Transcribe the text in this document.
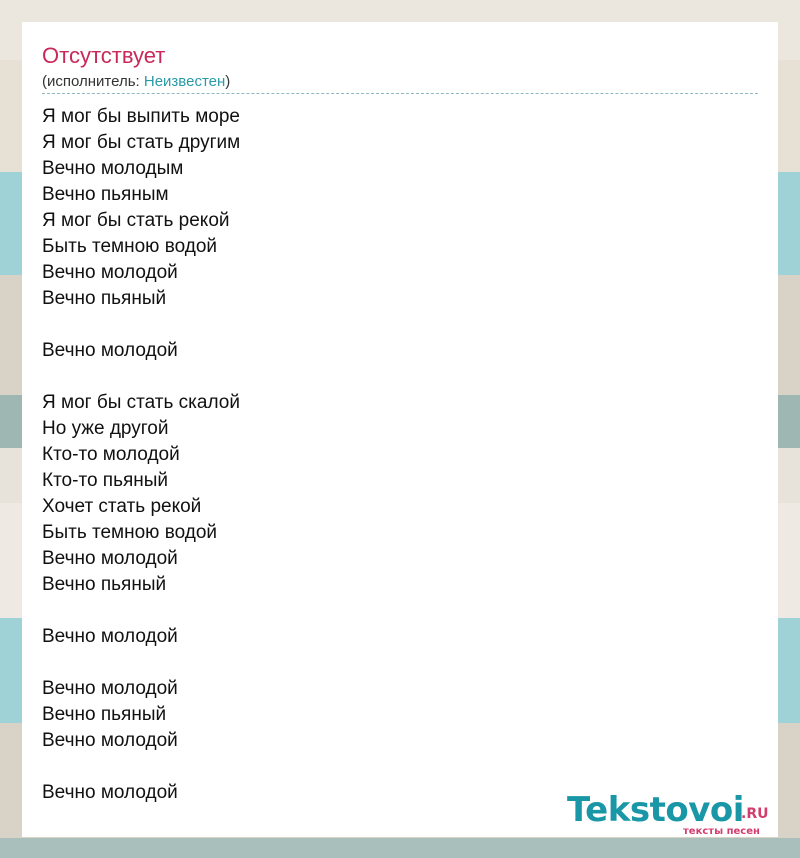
Отсутствует
(исполнитель: Неизвестен)
Я мог бы выпить море
Я мог бы стать другим
Вечно молодым
Вечно пьяным
Я мог бы стать рекой
Быть темною водой
Вечно молодой
Вечно пьяный
Вечно молодой
Я мог бы стать скалой
Но уже другой
Кто-то молодой
Кто-то пьяный
Хочет стать рекой
Быть темною водой
Вечно молодой
Вечно пьяный
Вечно молодой
Вечно молодой
Вечно пьяный
Вечно молодой
Вечно молодой	Tekstovoi
.RU
тексты песен
